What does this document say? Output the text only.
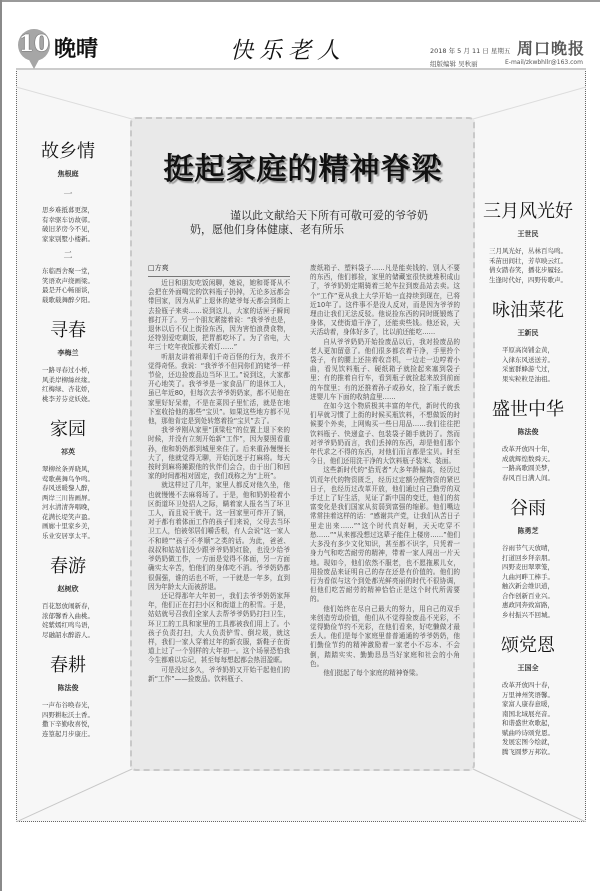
10 晚晴	快乐老人	2018 年 5 月 11 日 星期五
组版编辑 吴秋丽
周口晚报
E-mail/zkwbhllr@163.com
故乡情
焦根庭
一
思乡难抵暮更深，
有幸驱车访故邨。
破旧茅房今不见，
家家别墅小楼新。
二
东临西舍聚一堂，
笑语欢声绕画梁。
最是开心畅丽谈，
载歌载舞醉夕阳。
寻春
李梅兰
一路寻春过小桥，
风柔岸柳絲丝缘。
红梅绿、杏花娇，
桃李芳芬竞妖娆。
家园
祁英
翠柳丝条弄晓风，
莺歌燕舞鸟争鸣。
春风送暖黎人醉，
两岸三川皆画屏。
河水清清奔唱晚，
花满长堤笑声盈。
画廊十里家乡美，
乐业安居享太平。
春游
赵树欣
百花怒放闹新春，
浓郁馨香入曲桃。
姹紫嫣红鸣鸟语，
尽融韶水醉游人。
春耕
陈法俊
一声布谷唤春光，
四野耕耘沃土香。
撒下辛勤收喜悦，
连篁起月步康庄。
三月风光好
王世民
三月风光好，丛林百鸟鸣。
禾苗田间壮，芳草映云红。
倩女踏春笑，播花步履轻。
生逢时代好，四野传歌声。
咏油菜花
王新民
平原高岗铺金黄，
入律东风送送芳。
采蜜群蜂游弋过，
果实粒粒是油祖。
盛世中华
陈法俊
改革开放四十年，
成就辉煌数舜天。
一路高歌圆美梦，
春风百日满人间。
谷雨
陈勇芝
谷雨节气天放晴，
打道回乡拜亲朋。
四野麦田翠翠笼，
九曲河畔工棒手。
触次新会维识道，
合作创新百业兴。
惠政同奔致富路，
乡村振兴不回城。
颂党恩
王国全
改革开放四十春，
万里神州笑语馨。
家富人康春意暖，
南国北域展亮音。
和谐盛世欢歌起，
赋曲吟诗颂党恩。
发展宏图今绘就，
腾飞圆梦万邦钦。
挺起家庭的精神脊梁
谨以此文献给天下所有可敬可爱的爷爷奶奶，愿他们身体健康、老有所乐
□方爽

近日和朋友吃饭闲聊，她说，她和哥哥从不会把在外面喝完的饮料瓶子扔掉，无论多远都会带回家，因为从矿上退休的姥爷每天都会到街上去捡瓶子来卖……说到这儿，大家的话匣子瞬间都打开了。另一个朋友紧接着说：“我爷爷也是，退休以后不仅上街捡东西，因为害怕浪费食物，还特别爱吃剩饭，把胃都吃坏了。为了省电，大年三十吃年夜饭都关着灯……”

听朋友讲着祖辈们千奇百怪的行为，我并不觉得奇怪。我说：“我爷爷不但同你们的姥爷一样节俭，还边捡废品边当环卫工。”说到这，大家都开心地笑了。我爷爷是一家食品厂的退休工人，虽已年近80，但每次去爷爷奶奶家，都不见他在家里好好呆着，不是在菜园子里忙活，就是在地下室收拾他的那些“宝贝”。如果这些地方都不见他，那他肯定是到处转悠着捡“宝贝”去了。

我爷爷刚从家里“顶梁柱”的位置上退下来的时候，并没有立刻开始新“工作”，因为要照看重孙，他和奶奶都到城里来住了。后来重孙慢慢长大了，他就觉得无聊，开始沉迷于打麻将。每天按时到麻将摊跟他的伙伴们会合，由于出门和回家的时间都相对固定，我们戏称之为“上班”。

就这样过了几年，家里人都反对他久坐，他也就慢慢不去麻将场了。于是，他和奶奶检着小区街道环卫处招人之际，瞒着家人报名当了环卫工人，而且说干就干。这一回家里可炸开了锅，对于都有着体面工作的孩子们来说，父母去当环卫工人，怕被邻居们嚼舌根，有人会说“这一家人不和睦”“孩子不孝顺”之类的话。为此，爸爸、叔叔和姑姑们没少跟爷爷奶奶红脸，也没少给爷爷奶奶做工作，一方面是觉得不体面，另一方面确实太辛苦，怕他们的身体吃不消。爷爷奶奶都很倔强，谁的话也不听，一干就是一年多，直到因为年龄太大而被辞退。

还记得那年大年初一，我们去爷爷奶奶家拜年，他们正在打扫小区和街道上的积雪。于是，姑姑就号召我们全家人去帮爷爷奶奶打扫卫生，环卫工的工具和家里的工具都被我们用上了。小孩子负责打扫，大人负责铲雪、倒垃圾，就这样，我们一家人穿着过年的新衣服，新鞋子在街道上过了一个别样的大年初一。这个场景恐怕我今生都难以忘记，甚至每每想起都会热泪盈眶。

可是没过多久，爷爷奶奶又开始干起他们的新“工作”——捡废品。饮料瓶子、

废纸箱子、塑料袋子……凡是能卖钱的、别人不要的东西，他们都捡，家里的储藏室很快就堆积成山了，爷爷奶奶定期骑着三轮车拉到废品站去卖。这个“工作”竟从我上大学开始一直持续到现在，已将近10年了。这件事不是没人反对，而是因为爷爷的理由让我们无法反驳。他说捡东西的同时既锻炼了身体，又使街道干净了，还能卖些钱。他还说，天天活动着，身体好多了，比以前还能吃……

自从爷爷奶奶开始捡废品以后，我对捡废品的老人更加留意了。他们很多都衣着干净，手里拎个袋子，有的腰上还挂着收音机，一边走一边哼着小曲，看见饮料瓶子、硬纸箱子就捡起来塞到袋子里；有的推着自行车，看到瓶子就捡起来放到前面的车筐里；有的还推着孙子或孙女，捡了瓶子就丢进婴儿车下面的收纳盒里……

在如今这个物质极其丰富的年代，新时代的我们早就习惯了上街的时候买瓶饮料，不想做饭的时候要个外卖，上网购买一些日用品……我们往往把饮料瓶子、快递盒子、包装袋子随手就扔了。然而对爷爷奶奶而言，我们丢掉的东西，却是他们那个年代求之不得的东西，对他们而言都是宝贝。时至今日，他们还用洗干净的大饮料瓶子装米、装面。

这些新时代的“拾荒者”大多年龄偏高，经历过饥荒年代的物资匮乏，经历过定额分配物资的紧巴日子，也经历过改革开放，他们通过自己勤劳的双手过上了好生活，见证了新中国的变迁，他们的贫富变化是我们国家从贫弱到富强的缩影。他们嘴边常常挂着这样的话：“感谢共产党，让我们从苦日子里走出来……”“这个时代真好啊，天天吃穿不愁……”“从来都没想过这辈子能住上楼房……”他们大多没有多少文化知识，甚至都不识字，只凭着一身力气和吃苦耐劳的精神，带着一家人闯出一片天地。现如今，他们依然不服老，也不愿拖累儿女，用捡废品来证明自己的存在还是有价值的。他们的行为看似与这个到处都光鲜亮丽的时代不很协调，但他们吃苦耐劳的精神恰恰正是这个时代所需要的。

他们始终在尽自己最大的努力，用自己的双手来创造劳动价值，他们从不觉得捡废品不光彩，不觉得勤俭节约不光彩，在他们看来，好吃懒做才最丢人。他们是每个家庭里普普通通的爷爷奶奶，他们勤俭节约的精神激励着一家老小不忘本、不会倒，踏踏实实、勤勤恳恳当好家庭和社会的小角色。

他们挺起了每个家庭的精神脊梁。
